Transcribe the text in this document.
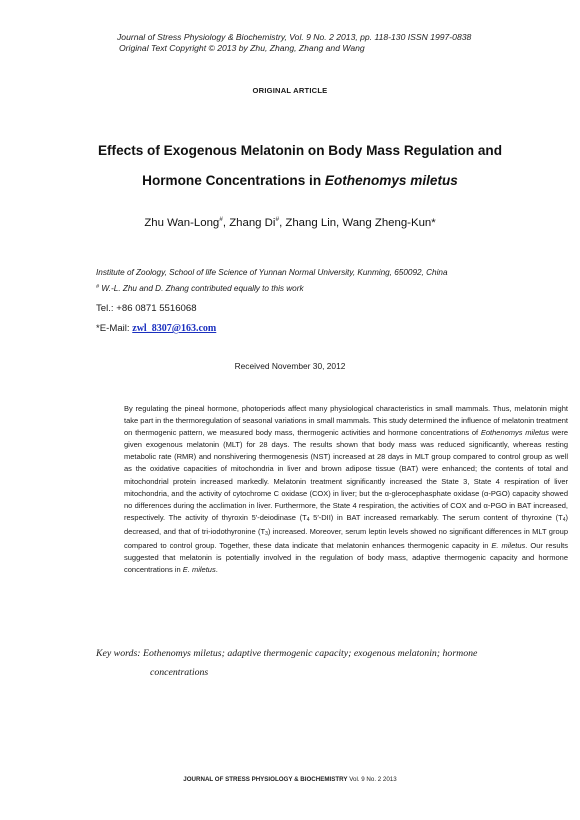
Journal of Stress Physiology & Biochemistry, Vol. 9 No. 2 2013, pp. 118-130 ISSN 1997-0838
Original Text Copyright © 2013 by Zhu, Zhang, Zhang and Wang
ORIGINAL ARTICLE
Effects of Exogenous Melatonin on Body Mass Regulation and
Hormone Concentrations in Eothenomys miletus
Zhu Wan-Long#, Zhang Di#, Zhang Lin, Wang Zheng-Kun*
Institute of Zoology, School of life Science of Yunnan Normal University, Kunming, 650092, China
# W.-L. Zhu and D. Zhang contributed equally to this work
Tel.: +86 0871 5516068
*E-Mail: zwl_8307@163.com
Received November 30, 2012
By regulating the pineal hormone, photoperiods affect many physiological characteristics in small mammals. Thus, melatonin might take part in the thermoregulation of seasonal variations in small mammals. This study determined the influence of melatonin treatment on thermogenic pattern, we measured body mass, thermogenic activities and hormone concentrations of Eothenomys miletus were given exogenous melatonin (MLT) for 28 days. The results shown that body mass was reduced significantly, whereas resting metabolic rate (RMR) and nonshivering thermogenesis (NST) increased at 28 days in MLT group compared to control group as well as the oxidative capacities of mitochondria in liver and brown adipose tissue (BAT) were enhanced; the contents of total and mitochondrial protein increased markedly. Melatonin treatment significantly increased the State 3, State 4 respiration of liver mitochondria, and the activity of cytochrome C oxidase (COX) in liver; but the α-glerocephasphate oxidase (α-PGO) capacity showed no differences during the acclimation in liver. Furthermore, the State 4 respiration, the activities of COX and α-PGO in BAT increased, respectively. The activity of thyroxin 5′-deiodinase ($T_4$ 5′-DII) in BAT increased remarkably. The serum content of thyroxine $(T_4)$ decreased, and that of tri-iodothyronine $(T_3)$ increased. Moreover, serum leptin levels showed no significant differences in MLT group compared to control group. Together, these data indicate that melatonin enhances thermogenic capacity in E. miletus. Our results suggested that melatonin is potentially involved in the regulation of body mass, adaptive thermogenic capacity and hormone concentrations in E. miletus.
Key words: Eothenomys miletus; adaptive thermogenic capacity; exogenous melatonin; hormone
concentrations
JOURNAL OF STRESS PHYSIOLOGY & BIOCHEMISTRY Vol. 9 No. 2 2013
